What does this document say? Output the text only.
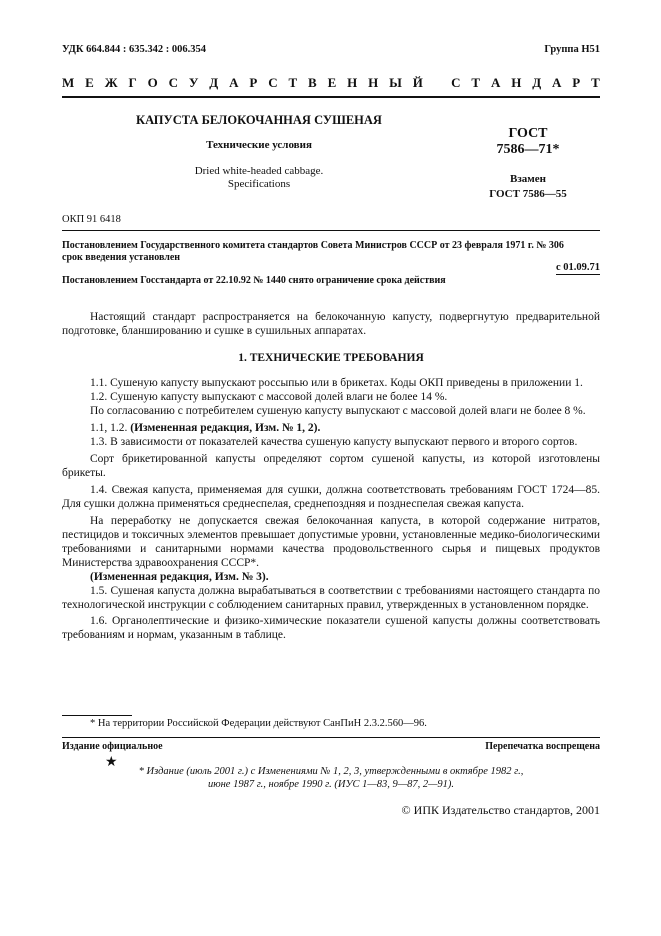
УДК 664.844 : 635.342 : 006.354	Группа Н51
М Е Ж Г О С У Д А Р С Т В Е Н Н Ы Й
С Т А Н Д А Р Т
КАПУСТА БЕЛОКОЧАННАЯ СУШЕНАЯ
Технические условия
Dried white-headed cabbage.
Specifications
ГОСТ
7586—71*
Взамен
ГОСТ 7586—55
ОКП 91 6418
Постановлением Государственного комитета стандартов Совета Министров СССР от 23 февраля 1971 г. № 306
срок введения установлен
с 01.09.71
Постановлением Госстандарта от 22.10.92 № 1440 снято ограничение срока действия

Настоящий стандарт распространяется на белокочанную капусту, подвергнутую предварительной подготовке, бланшированию и сушке в сушильных аппаратах.

1. ТЕХНИЧЕСКИЕ ТРЕБОВАНИЯ

1.1. Сушеную капусту выпускают россыпью или в брикетах. Коды ОКП приведены в приложении 1.

1.2. Сушеную капусту выпускают с массовой долей влаги не более 14 %.

По согласованию с потребителем сушеную капусту выпускают с массовой долей влаги не более 8 %.

1.1, 1.2. (Измененная редакция, Изм. № 1, 2).

1.3. В зависимости от показателей качества сушеную капусту выпускают первого и второго сортов.

Сорт брикетированной капусты определяют сортом сушеной капусты, из которой изготовлены брикеты.

1.4. Свежая капуста, применяемая для сушки, должна соответствовать требованиям ГОСТ 1724—85. Для сушки должна применяться среднеспелая, среднепоздняя и позднеспелая свежая капуста.

На переработку не допускается свежая белокочанная капуста, в которой содержание нитратов, пестицидов и токсичных элементов превышает допустимые уровни, установленные медико-биологическими требованиями и санитарными нормами качества продовольственного сырья и пищевых продуктов Министерства здравоохранения СССР*.

(Измененная редакция, Изм. № 3).

1.5. Сушеная капуста должна вырабатываться в соответствии с требованиями настоящего стандарта по технологической инструкции с соблюдением санитарных правил, утвержденных в установленном порядке.

1.6. Органолептические и физико-химические показатели сушеной капусты должны соответствовать требованиям и нормам, указанным в таблице.

* На территории Российской Федерации действуют СанПиН 2.3.2.560—96.
Издание официальное	Перепечатка воспрещена
★
* Издание (июль 2001 г.) с Изменениями № 1, 2, 3, утвержденными в октябре 1982 г.,
июне 1987 г., ноябре 1990 г. (ИУС 1—83, 9—87, 2—91).
© ИПК Издательство стандартов, 2001
